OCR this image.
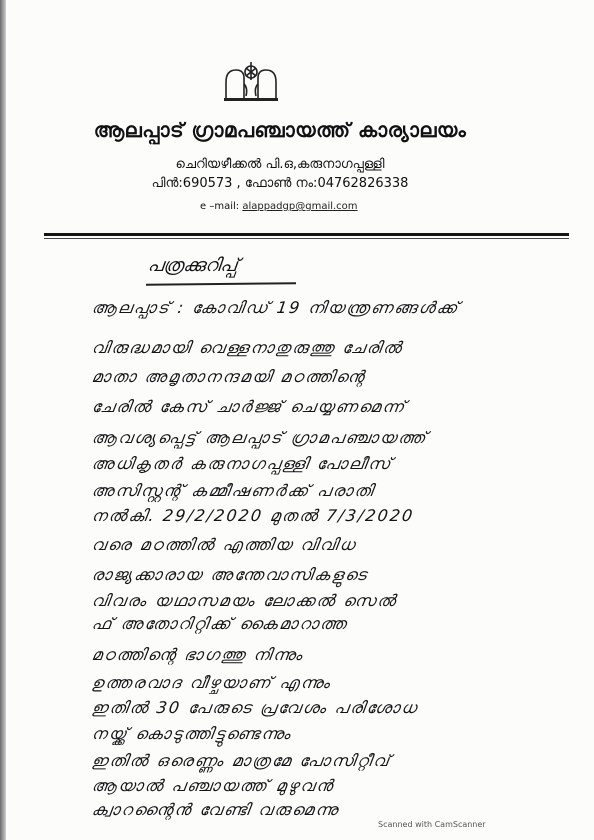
ആലപ്പാട് ഗ്രാമപഞ്ചായത്ത് കാര്യാലയം
ചെറിയഴീക്കൽ പി.ഒ,കരുനാഗപ്പള്ളി
പിൻ:690573 , ഫോൺ നം:04762826338
e –mail: alappadgp@gmail.com
പത്രക്കുറിപ്പ്
ആലപ്പാട് : കോവിഡ് 19 നിയന്ത്രണങ്ങൾക്ക്
വിരുദ്ധമായി വെള്ളനാതുരുത്തു ചേരിൽ
മാതാ അമൃതാനന്ദമയി മഠത്തിന്റെ
ചേരിൽ കേസ് ചാർജ്ജ് ചെയ്യണമെന്ന്
ആവശ്യപ്പെട്ട് ആലപ്പാട് ഗ്രാമപഞ്ചായത്ത്
അധികൃതർ കരുനാഗപ്പള്ളി പോലീസ്
അസിസ്റ്റന്റ് കമ്മീഷണർക്ക് പരാതി
നൽകി. 29/2/2020 മുതൽ 7/3/2020
വരെ മഠത്തിൽ എത്തിയ വിവിധ
രാജ്യക്കാരായ അന്തേവാസികളുടെ
വിവരം യഥാസമയം ലോക്കൽ സെൽ
ഫ് അതോറിറ്റിക്ക് കൈമാറാത്ത
മഠത്തിന്റെ ഭാഗത്തു നിന്നും
ഉത്തരവാദ വീഴ്ചയാണ് എന്നും
ഇതിൽ 30 പേരുടെ പ്രവേശം പരിശോധ
നയ്ക്ക് കൊടുത്തിട്ടുണ്ടെന്നും
ഇതിൽ ഒരെണ്ണം മാത്രമേ പോസിറ്റീവ്
ആയാൽ പഞ്ചായത്ത് മുഴുവൻ
ക്വാറന്റൈൻ വേണ്ടി വരുമെന്നു
Scanned with CamScanner
